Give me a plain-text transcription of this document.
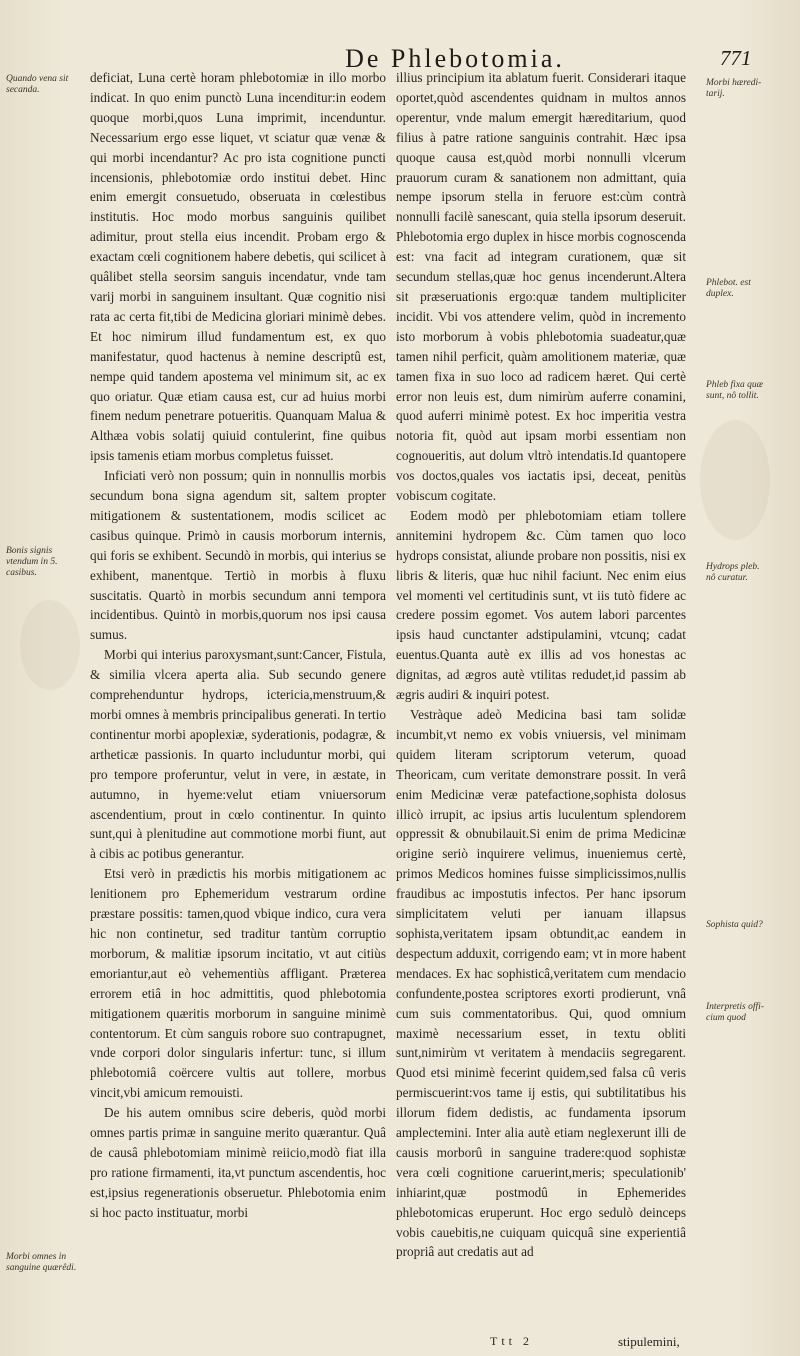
De Phlebotomia.	771

deficiat, Luna certè horam phlebotomiæ in illo morbo indicat. In quo enim punctò Luna incenditur:in eodem quoque morbi,quos Luna imprimit, incenduntur. Necessarium ergo esse liquet, vt sciatur quæ venæ & qui morbi incendantur? Ac pro ista cognitione puncti incensionis, phlebotomiæ ordo institui debet. Hinc enim emergit consuetudo, obseruata in cœlestibus institutis. Hoc modo morbus sanguinis quilibet adimitur, prout stella eius incendit. Probam ergo & exactam cœli cognitionem habere debetis, qui scilicet à quâlibet stella seorsim sanguis incendatur, vnde tam varij morbi in sanguinem insultant. Quæ cognitio nisi rata ac certa fit,tibi de Medicina gloriari minimè debes. Et hoc nimirum illud fundamentum est, ex quo manifestatur, quod hactenus à nemine descriptû est, nempe quid tandem apostema vel minimum sit, ac ex quo oriatur. Quæ etiam causa est, cur ad huius morbi finem nedum penetrare potueritis. Quanquam Malua & Althæa vobis solatij quiuid contulerint, fine quibus ipsis tamenis etiam morbus completus fuisset.

Inficiati verò non possum; quin in nonnullis morbis secundum bona signa agendum sit, saltem propter mitigationem & sustentationem, modis scilicet ac casibus quinque. Primò in causis morborum internis, qui foris se exhibent. Secundò in morbis, qui interius se exhibent, manentque. Tertiò in morbis à fluxu suscitatis. Quartò in morbis secundum anni tempora incidentibus. Quintò in morbis,quorum nos ipsi causa sumus.

Morbi qui interius paroxysmant,sunt:Cancer, Fistula, & similia vlcera aperta alia. Sub secundo genere comprehenduntur hydrops, ictericia,menstruum,& morbi omnes à membris principalibus generati. In tertio continentur morbi apoplexiæ, syderationis, podagræ, & artheticæ passionis. In quarto includuntur morbi, qui pro tempore proferuntur, velut in vere, in æstate, in autumno, in hyeme:velut etiam vniuersorum ascendentium, prout in cœlo continentur. In quinto sunt,qui à plenitudine aut commotione morbi fiunt, aut à cibis ac potibus generantur.

Etsi verò in prædictis his morbis mitigationem ac lenitionem pro Ephemeridum vestrarum ordine præstare possitis: tamen,quod vbique indico, cura vera hic non continetur, sed traditur tantùm corruptio morborum, & malitiæ ipsorum incitatio, vt aut citiùs emoriantur,aut eò vehementiùs affligant. Præterea errorem etiâ in hoc admittitis, quod phlebotomia mitigationem quæritis morborum in sanguine minimè contentorum. Et cùm sanguis robore suo contrapugnet, vnde corpori dolor singularis infertur: tunc, si illum phlebotomiâ coërcere vultis aut tollere, morbus vincit,vbi amicum remouisti.

De his autem omnibus scire deberis, quòd morbi omnes partis primæ in sanguine merito quærantur. Quâ de causâ phlebotomiam minimè reiicio,modò fiat illa pro ratione firmamenti, ita,vt punctum ascendentis, hoc est,ipsius regenerationis obseruetur. Phlebotomia enim si hoc pacto instituatur, morbi

illius principium ita ablatum fuerit. Considerari itaque oportet,quòd ascendentes quidnam in multos annos operentur, vnde malum emergit hæreditarium, quod filius à patre ratione sanguinis contrahit. Hæc ipsa quoque causa est,quòd morbi nonnulli vlcerum prauorum curam & sanationem non admittant, quia nempe ipsorum stella in feruore est:cùm contrà nonnulli facilè sanescant, quia stella ipsorum deseruit. Phlebotomia ergo duplex in hisce morbis cognoscenda est: vna facit ad integram curationem, quæ sit secundum stellas,quæ hoc genus incenderunt.Altera sit præseruationis ergo:quæ tandem multipliciter incidit. Vbi vos attendere velim, quòd in incremento isto morborum à vobis phlebotomia suadeatur,quæ tamen nihil perficit, quàm amolitionem materiæ, quæ tamen fixa in suo loco ad radicem hæret. Qui certè error non leuis est, dum nimirùm auferre conamini, quod auferri minimè potest. Ex hoc imperitia vestra notoria fit, quòd aut ipsam morbi essentiam non cognoueritis, aut dolum vltrò intendatis.Id quantopere vos doctos,quales vos iactatis ipsi, deceat, penitùs vobiscum cogitate.

Eodem modò per phlebotomiam etiam tollere annitemini hydropem &c. Cùm tamen quo loco hydrops consistat, aliunde probare non possitis, nisi ex libris & literis, quæ huc nihil faciunt. Nec enim eius vel momenti vel certitudinis sunt, vt iis tutò fidere ac credere possim egomet. Vos autem labori parcentes ipsis haud cunctanter adstipulamini, vtcunq; cadat euentus.Quanta autè ex illis ad vos honestas ac dignitas, ad ægros autè vtilitas redudet,id passim ab ægris audiri & inquiri potest.

Vestràque adeò Medicina basi tam solidæ incumbit,vt nemo ex vobis vniuersis, vel minimam quidem literam scriptorum veterum, quoad Theoricam, cum veritate demonstrare possit. In verâ enim Medicinæ veræ patefactione,sophista dolosus illicò irrupit, ac ipsius artis luculentum splendorem oppressit & obnubilauit.Si enim de prima Medicinæ origine seriò inquirere velimus, inueniemus certè, primos Medicos homines fuisse simplicissimos,nullis fraudibus ac impostutis infectos. Per hanc ipsorum simplicitatem veluti per ianuam illapsus sophista,veritatem ipsam obtundit,ac eandem in despectum adduxit, corrigendo eam; vt in more habent mendaces. Ex hac sophisticâ,veritatem cum mendacio confundente,postea scriptores exorti prodierunt, vnâ cum suis commentatoribus. Qui, quod omnium maximè necessarium esset, in textu obliti sunt,nimirùm vt veritatem à mendaciis segregarent. Quod etsi minimè fecerint quidem,sed falsa cû veris permiscuerint:vos tame ij estis, qui subtilitatibus his illorum fidem dedistis, ac fundamenta ipsorum amplectemini. Inter alia autè etiam neglexerunt illi de causis morborû in sanguine tradere:quod sophistæ vera cœli cognitione caruerint,meris; speculationib' inhiarint,quæ postmodû in Ephemerides phlebotomicas eruperunt. Hoc ergo sedulò deinceps vobis cauebitis,ne cuiquam quicquâ sine experientiâ propriâ aut credatis aut ad

Quando vena sit secanda.
Bonis signis vtendum in 5. casibus.
Morbi omnes in sanguine quærêdi.
Morbi hæredi-tarij.
Phlebot. est duplex.
Phleb fixa quæ sunt, nô tollit.
Hydrops pleb. nô curatur.
Sophista quid?
Interpretis offi-cium quod
Ttt 2	stipulemini,
